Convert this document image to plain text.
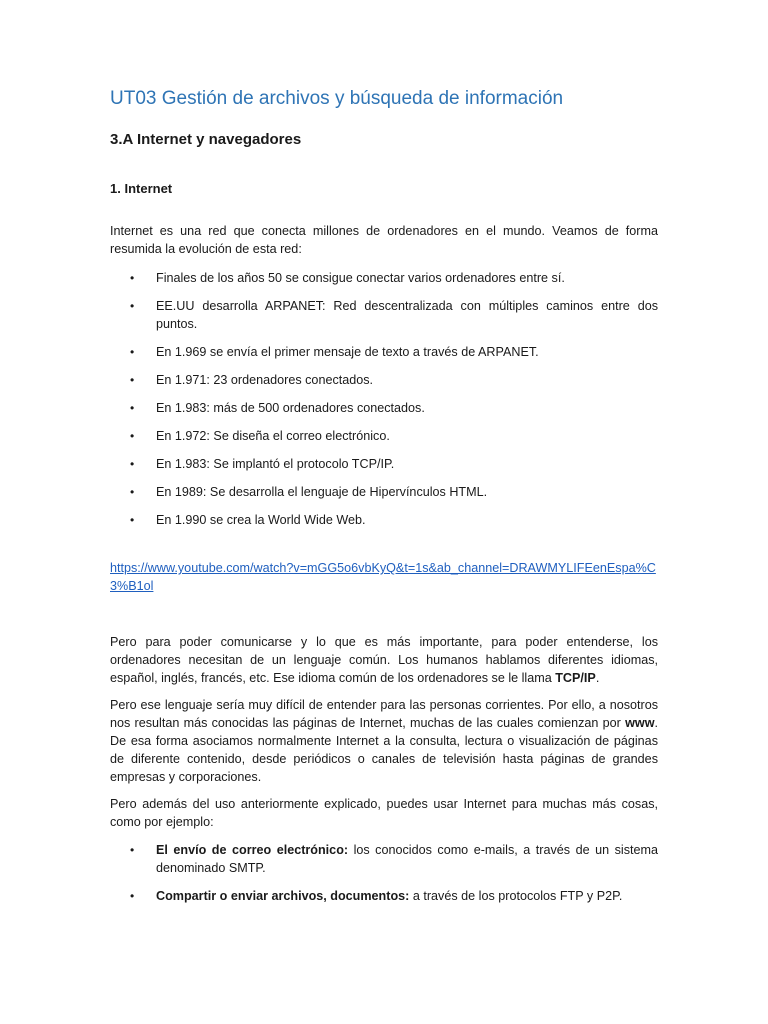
UT03 Gestión de archivos y búsqueda de información
3.A Internet y navegadores
1. Internet

Internet es una red que conecta millones de ordenadores en el mundo. Veamos de forma resumida la evolución de esta red:

• Finales de los años 50 se consigue conectar varios ordenadores entre sí.
• EE.UU desarrolla ARPANET: Red descentralizada con múltiples caminos entre dos puntos.
• En 1.969 se envía el primer mensaje de texto a través de ARPANET.
• En 1.971: 23 ordenadores conectados.
• En 1.983: más de 500 ordenadores conectados.
• En 1.972: Se diseña el correo electrónico.
• En 1.983: Se implantó el protocolo TCP/IP.
• En 1989: Se desarrolla el lenguaje de Hipervínculos HTML.
• En 1.990 se crea la World Wide Web.
https://www.youtube.com/watch?v=mGG5o6vbKyQ&t=1s&ab_channel=DRAWMYLIFEenEspa%C3%B1ol

Pero para poder comunicarse y lo que es más importante, para poder entenderse, los ordenadores necesitan de un lenguaje común. Los humanos hablamos diferentes idiomas, español, inglés, francés, etc. Ese idioma común de los ordenadores se le llama TCP/IP.

Pero ese lenguaje sería muy difícil de entender para las personas corrientes. Por ello, a nosotros nos resultan más conocidas las páginas de Internet, muchas de las cuales comienzan por www. De esa forma asociamos normalmente Internet a la consulta, lectura o visualización de páginas de diferente contenido, desde periódicos o canales de televisión hasta páginas de grandes empresas y corporaciones.

Pero además del uso anteriormente explicado, puedes usar Internet para muchas más cosas, como por ejemplo:

• El envío de correo electrónico: los conocidos como e-mails, a través de un sistema denominado SMTP.
• Compartir o enviar archivos, documentos: a través de los protocolos FTP y P2P.
